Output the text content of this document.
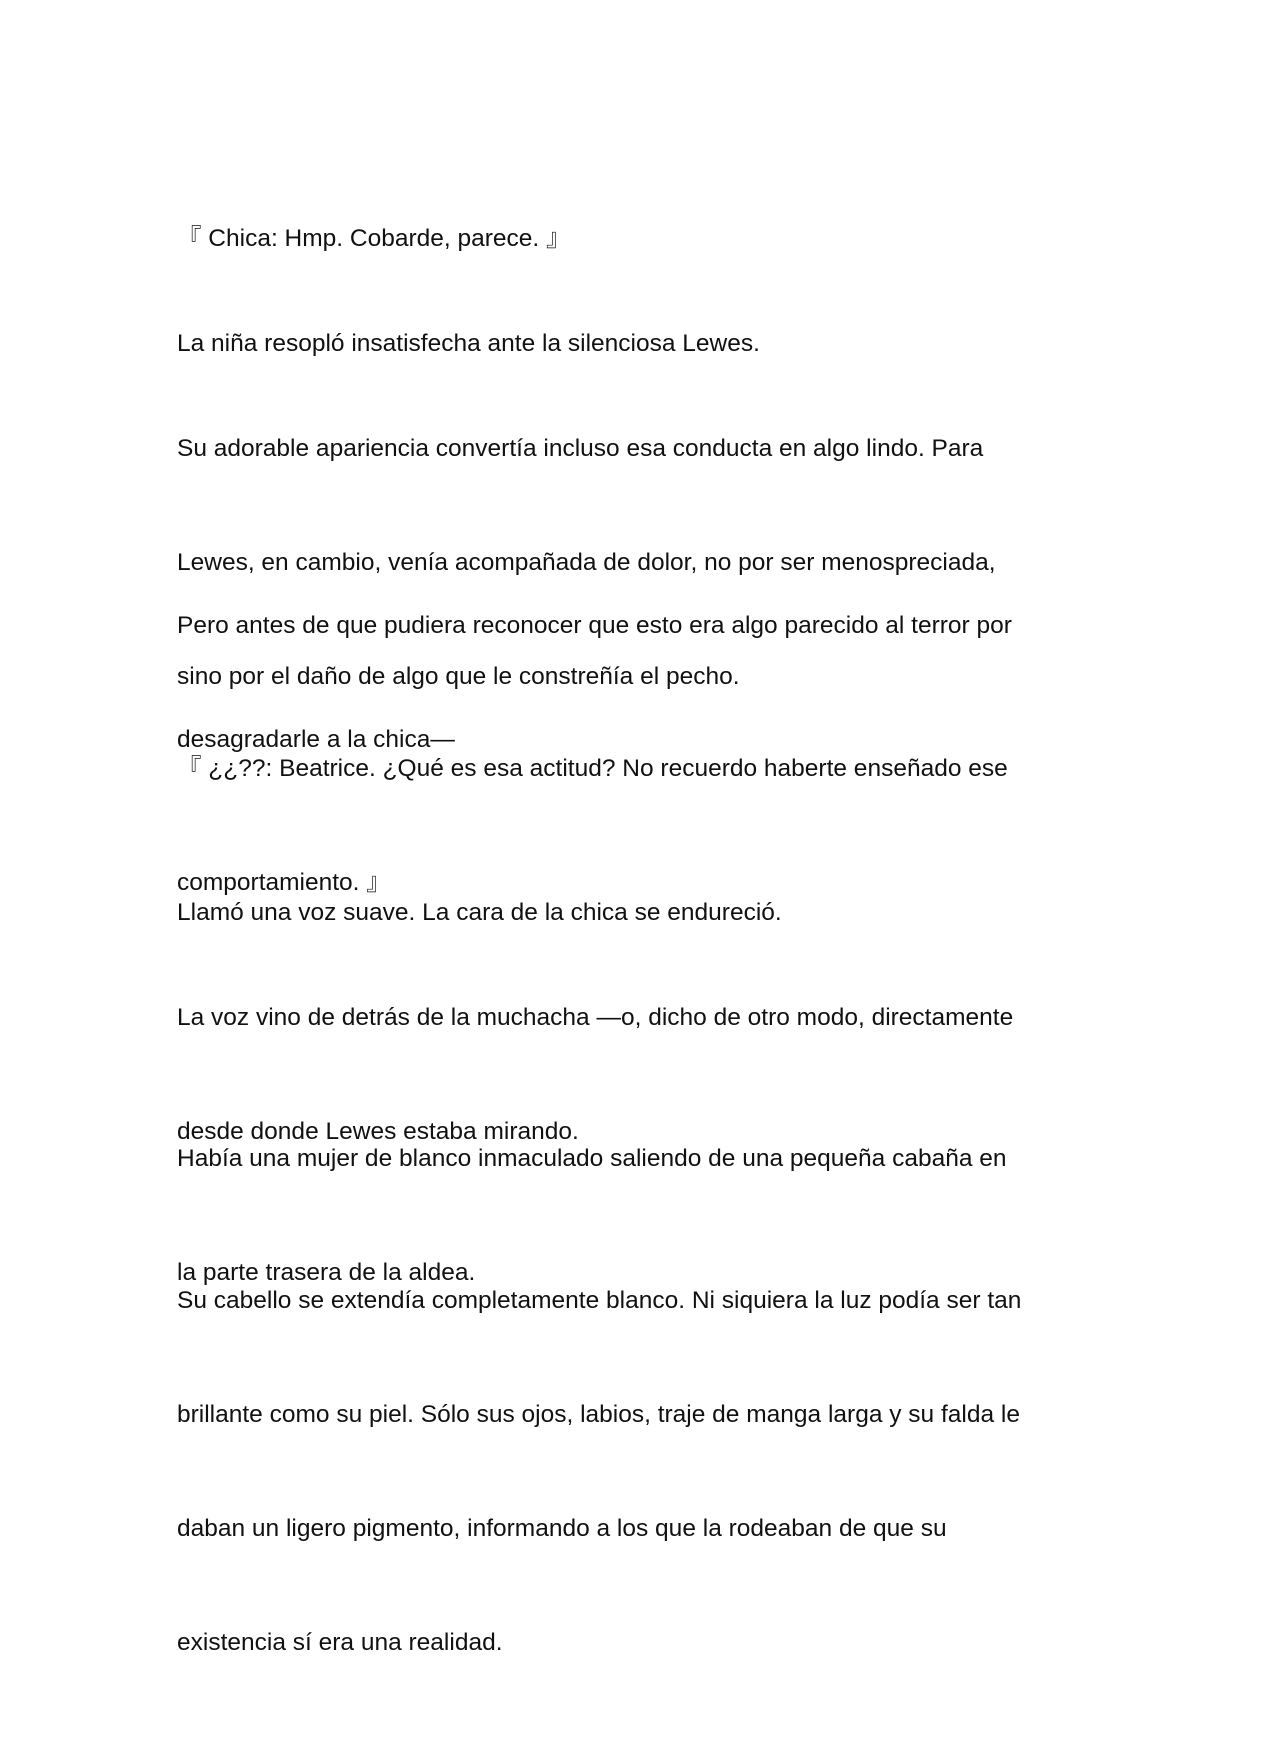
『 Chica: Hmp. Cobarde, parece. 』

La niña resopló insatisfecha ante la silenciosa Lewes.

Su adorable apariencia convertía incluso esa conducta en algo lindo. Para

Lewes, en cambio, venía acompañada de dolor, no por ser menospreciada,

sino por el daño de algo que le constreñía el pecho.

Pero antes de que pudiera reconocer que esto era algo parecido al terror por

desagradarle a la chica—

『 ¿¿??: Beatrice. ¿Qué es esa actitud? No recuerdo haberte enseñado ese

comportamiento. 』

Llamó una voz suave. La cara de la chica se endureció.

La voz vino de detrás de la muchacha —o, dicho de otro modo, directamente

desde donde Lewes estaba mirando.

Había una mujer de blanco inmaculado saliendo de una pequeña cabaña en

la parte trasera de la aldea.

Su cabello se extendía completamente blanco. Ni siquiera la luz podía ser tan

brillante como su piel. Sólo sus ojos, labios, traje de manga larga y su falda le

daban un ligero pigmento, informando a los que la rodeaban de que su

existencia sí era una realidad.
